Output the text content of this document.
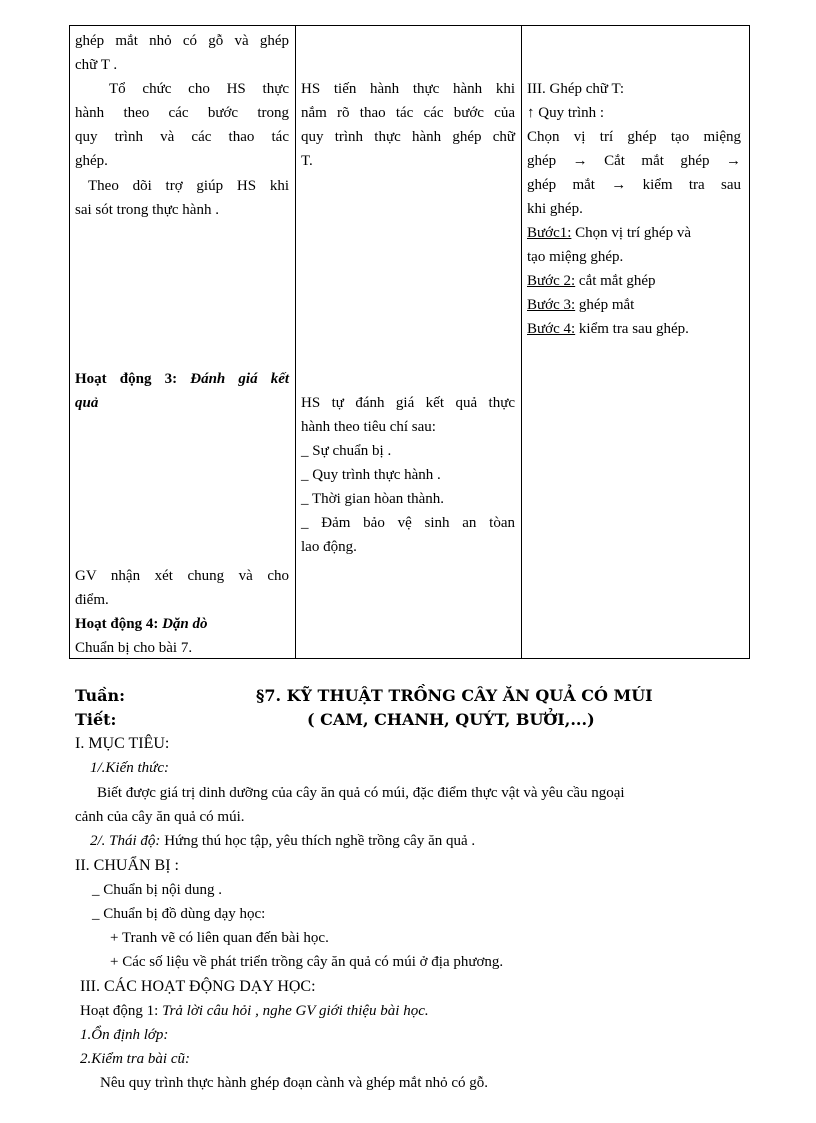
ghép mắt nhỏ có gỗ và ghép
chữ T .
Tổ chức cho HS thực
hành theo các bước trong
quy trình và các thao tác
ghép.
Theo dõi trợ giúp HS khi
sai sót trong thực hành .
Hoạt động 3: Đánh giá kết
quả
GV nhận xét chung và cho
điểm.
Hoạt động 4: Dặn dò
Chuẩn bị cho bài 7.
HS tiến hành thực hành khi
nắm rõ thao tác các bước của
quy trình thực hành ghép chữ
T.
HS tự đánh giá kết quả thực
hành theo tiêu chí sau:
_ Sự chuẩn bị .
_ Quy trình thực hành .
_ Thời gian hòan thành.
_ Đảm bảo vệ sinh an tòan
lao động.
III. Ghép chữ T:
↑ Quy trình :
Chọn vị trí ghép tạo miệng
ghép → Cắt mắt ghép →
ghép mắt → kiểm tra sau
khi ghép.
Bước1: Chọn vị trí ghép và
tạo miệng ghép.
Bước 2: cắt mắt ghép
Bước 3: ghép mắt
Bước 4: kiểm tra sau ghép.
Tuần:
Tiết:
§7. KỸ THUẬT TRỒNG CÂY ĂN QUẢ CÓ MÚI
( CAM, CHANH, QUÝT, BƯỞI,...)
I. MỤC TIÊU:
1/.Kiến thức:
Biết được giá trị dinh dưỡng của cây ăn quả có múi, đặc điểm thực vật và yêu cầu ngoại
cảnh của cây ăn quả có múi.
2/. Thái độ: Hứng thú học tập, yêu thích nghề trồng cây ăn quả .
II. CHUẨN BỊ :
_ Chuẩn bị nội dung .
_ Chuẩn bị đồ dùng dạy học:
+ Tranh vẽ có liên quan đến bài học.
+ Các số liệu về phát triển trồng cây ăn quả có múi ở địa phương.
III. CÁC HOẠT ĐỘNG DẠY HỌC:
Hoạt động 1: Trả lời câu hỏi , nghe GV giới thiệu bài học.
1.Ổn định lớp:
2.Kiểm tra bài cũ:
Nêu quy trình thực hành ghép đoạn cành và ghép mắt nhỏ có gỗ.
